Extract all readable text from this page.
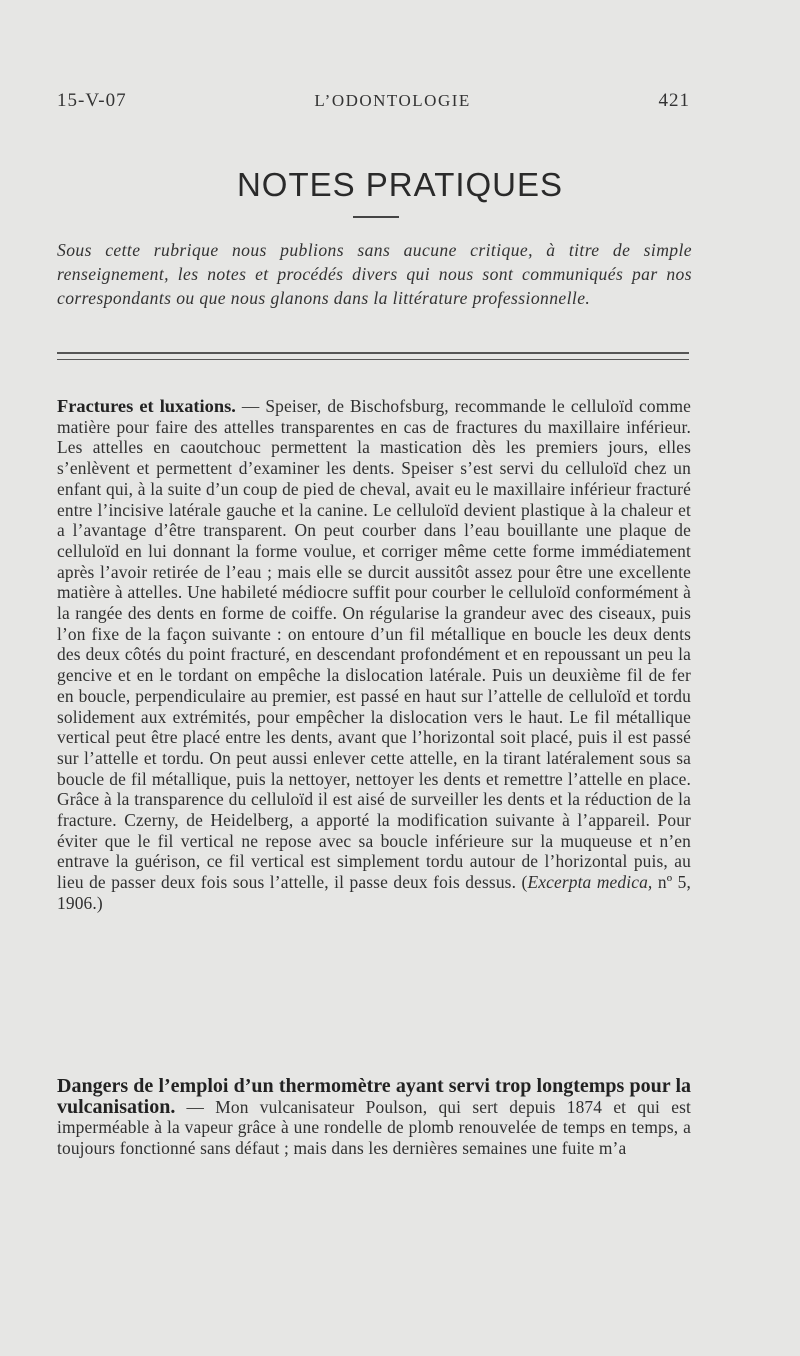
15-V-07	L’ODONTOLOGIE	421
NOTES PRATIQUES
Sous cette rubrique nous publions sans aucune critique, à titre de simple renseignement, les notes et procédés divers qui nous sont communiqués par nos correspondants ou que nous glanons dans la littérature professionnelle.

Fractures et luxations. — Speiser, de Bischofsburg, recommande le celluloïd comme matière pour faire des attelles transparentes en cas de fractures du maxillaire inférieur. Les attelles en caoutchouc permettent la mastication dès les premiers jours, elles s’enlèvent et permettent d’examiner les dents. Speiser s’est servi du celluloïd chez un enfant qui, à la suite d’un coup de pied de cheval, avait eu le maxillaire inférieur fracturé entre l’incisive latérale gauche et la canine. Le celluloïd devient plastique à la chaleur et a l’avantage d’être transparent. On peut courber dans l’eau bouillante une plaque de celluloïd en lui donnant la forme voulue, et corriger même cette forme immédiatement après l’avoir retirée de l’eau ; mais elle se durcit aussitôt assez pour être une excellente matière à attelles. Une habileté médiocre suffit pour courber le celluloïd conformément à la rangée des dents en forme de coiffe. On régularise la grandeur avec des ciseaux, puis l’on fixe de la façon suivante : on entoure d’un fil métallique en boucle les deux dents des deux côtés du point fracturé, en descendant profondément et en repoussant un peu la gencive et en le tordant on empêche la dislocation latérale. Puis un deuxième fil de fer en boucle, perpendiculaire au premier, est passé en haut sur l’attelle de celluloïd et tordu solidement aux extrémités, pour empêcher la dislocation vers le haut. Le fil métallique vertical peut être placé entre les dents, avant que l’horizontal soit placé, puis il est passé sur l’attelle et tordu. On peut aussi enlever cette attelle, en la tirant latéralement sous sa boucle de fil métallique, puis la nettoyer, nettoyer les dents et remettre l’attelle en place. Grâce à la transparence du celluloïd il est aisé de surveiller les dents et la réduction de la fracture. Czerny, de Heidelberg, a apporté la modification suivante à l’appareil. Pour éviter que le fil vertical ne repose avec sa boucle inférieure sur la muqueuse et n’en entrave la guérison, ce fil vertical est simplement tordu autour de l’horizontal puis, au lieu de passer deux fois sous l’attelle, il passe deux fois dessus. (Excerpta medica, nº 5, 1906.)

Dangers de l’emploi d’un thermomètre ayant servi trop longtemps pour la vulcanisation. — Mon vulcanisateur Poulson, qui sert depuis 1874 et qui est imperméable à la vapeur grâce à une rondelle de plomb renouvelée de temps en temps, a toujours fonctionné sans défaut ; mais dans les dernières semaines une fuite m’a
